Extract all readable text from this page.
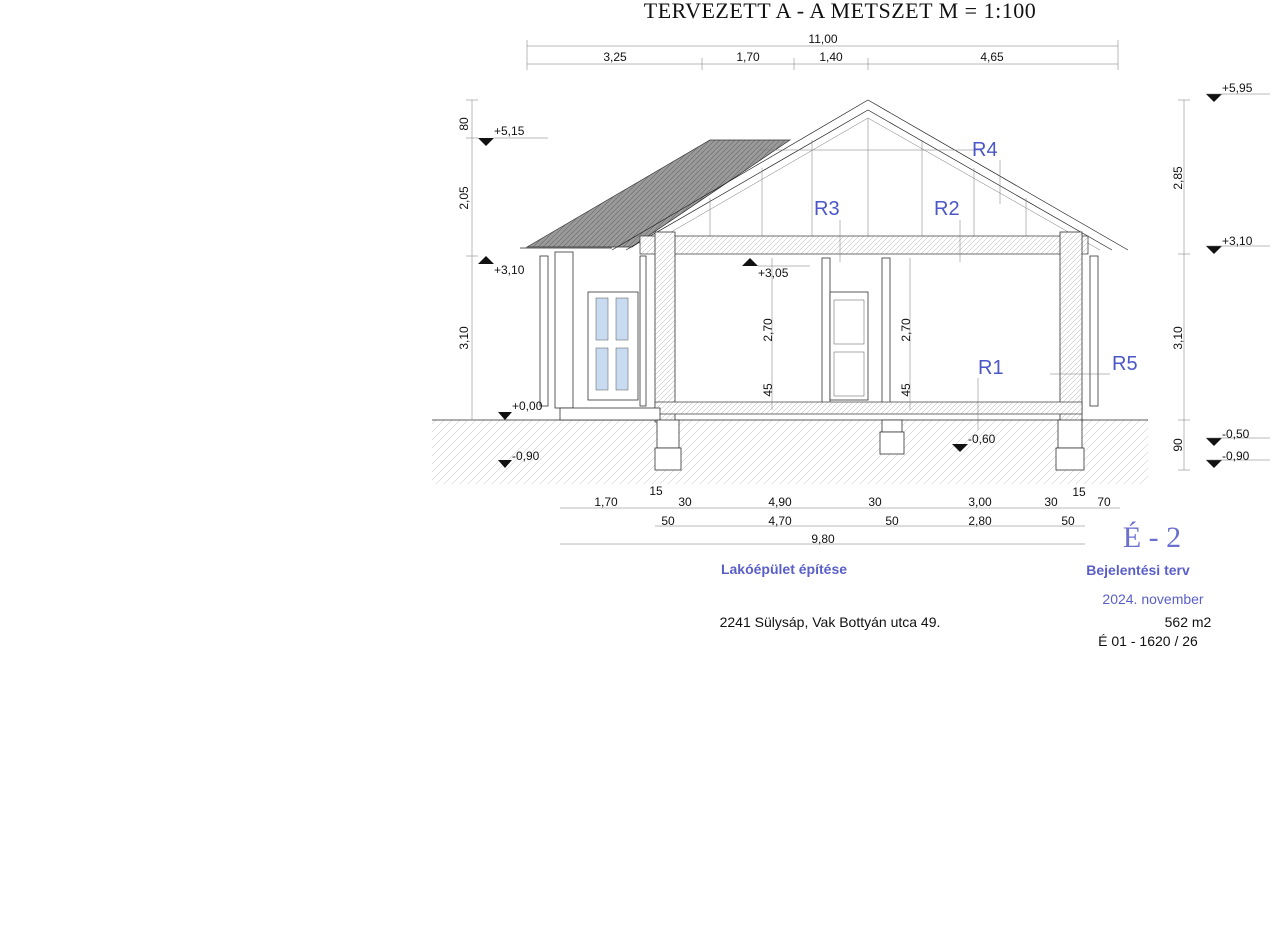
TERVEZETT A - A METSZET M = 1:100
11,00
3,25	1,70	1,40	4,65
80
2,05
3,10
+5,15
+3,10
+0,00
-0,90
2,85
3,10
90
+5,95
+3,10
-0,50
-0,90
+3,05
-0,60
2,70
45
2,70
45
R1
R2
R3
R4
R5
1,70
15
30	4,90	30	3,00	30
15
70
50	4,70	50	2,80	50
9,80	É - 2
Lakóépület építése	Bejelentési terv
2024. november
2241 Sülysáp, Vak Bottyán utca 49.	562 m2
É 01 - 1620 / 26
